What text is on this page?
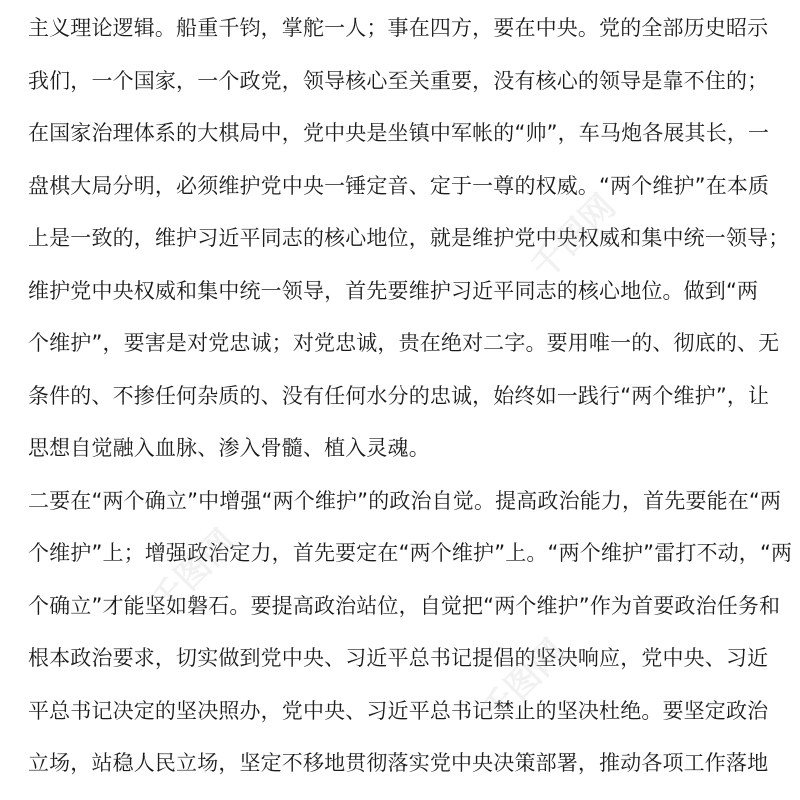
主义理论逻辑。船重千钧，掌舵一人；事在四方，要在中央。党的全部历史昭示
我们，一个国家，一个政党，领导核心至关重要，没有核心的领导是靠不住的；
在国家治理体系的大棋局中，党中央是坐镇中军帐的“帅”，车马炮各展其长，一
盘棋大局分明，必须维护党中央一锤定音、定于一尊的权威。“两个维护”在本质
上是一致的，维护习近平同志的核心地位，就是维护党中央权威和集中统一领导；
维护党中央权威和集中统一领导，首先要维护习近平同志的核心地位。做到“两
个维护”，要害是对党忠诚；对党忠诚，贵在绝对二字。要用唯一的、彻底的、无
条件的、不掺任何杂质的、没有任何水分的忠诚，始终如一践行“两个维护”，让
思想自觉融入血脉、渗入骨髓、植入灵魂。
二要在“两个确立”中增强“两个维护”的政治自觉。提高政治能力，首先要能在“两
个维护”上；增强政治定力，首先要定在“两个维护”上。“两个维护”雷打不动，“两
个确立”才能坚如磐石。要提高政治站位，自觉把“两个维护”作为首要政治任务和
根本政治要求，切实做到党中央、习近平总书记提倡的坚决响应，党中央、习近
平总书记决定的坚决照办，党中央、习近平总书记禁止的坚决杜绝。要坚定政治
立场，站稳人民立场，坚定不移地贯彻落实党中央决策部署，推动各项工作落地
千图网
千图网
千图网
